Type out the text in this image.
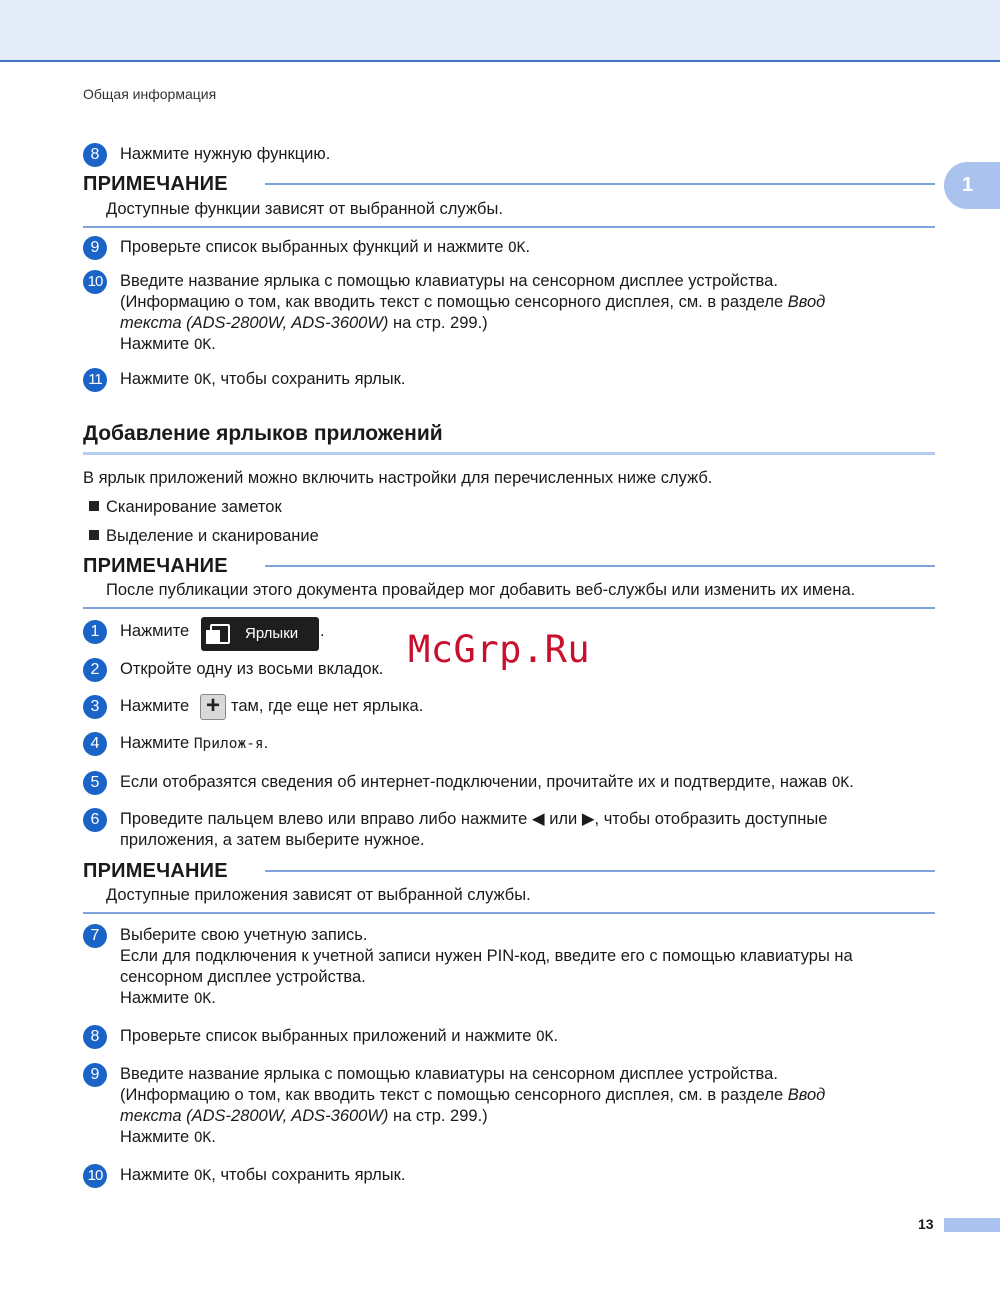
Общая информация
1
8	Нажмите нужную функцию.
ПРИМЕЧАНИЕ
Доступные функции зависят от выбранной службы.
9	Проверьте список выбранных функций и нажмите OK.
10 Введите название ярлыка с помощью клавиатуры на сенсорном дисплее устройства.
(Информацию о том, как вводить текст с помощью сенсорного дисплея, см. в разделе Ввод
текста (ADS-2800W, ADS-3600W) на стр. 299.)
Нажмите OK.
11	Нажмите OK, чтобы сохранить ярлык.
Добавление ярлыков приложений
В ярлык приложений можно включить настройки для перечисленных ниже служб.
Сканирование заметок
Выделение и сканирование
ПРИМЕЧАНИЕ
После публикации этого документа провайдер мог добавить веб-службы или изменить их имена.
1	Нажмите	Ярлыки	. McGrp.Ru
2	Откройте одну из восьми вкладок.
3	Нажмите + там, где еще нет ярлыка.
4	Нажмите Прилож-я.
5	Если отобразятся сведения об интернет-подключении, прочитайте их и подтвердите, нажав OK.
6	Проведите пальцем влево или вправо либо нажмите ◀ или ▶, чтобы отобразить доступные
приложения, а затем выберите нужное.
ПРИМЕЧАНИЕ
Доступные приложения зависят от выбранной службы.
7	Выберите свою учетную запись.
Если для подключения к учетной записи нужен PIN-код, введите его с помощью клавиатуры на
сенсорном дисплее устройства.
Нажмите OK.
8	Проверьте список выбранных приложений и нажмите OK.
9	Введите название ярлыка с помощью клавиатуры на сенсорном дисплее устройства.
(Информацию о том, как вводить текст с помощью сенсорного дисплея, см. в разделе Ввод
текста (ADS-2800W, ADS-3600W) на стр. 299.)
Нажмите OK.
10 Нажмите OK, чтобы сохранить ярлык.
13
